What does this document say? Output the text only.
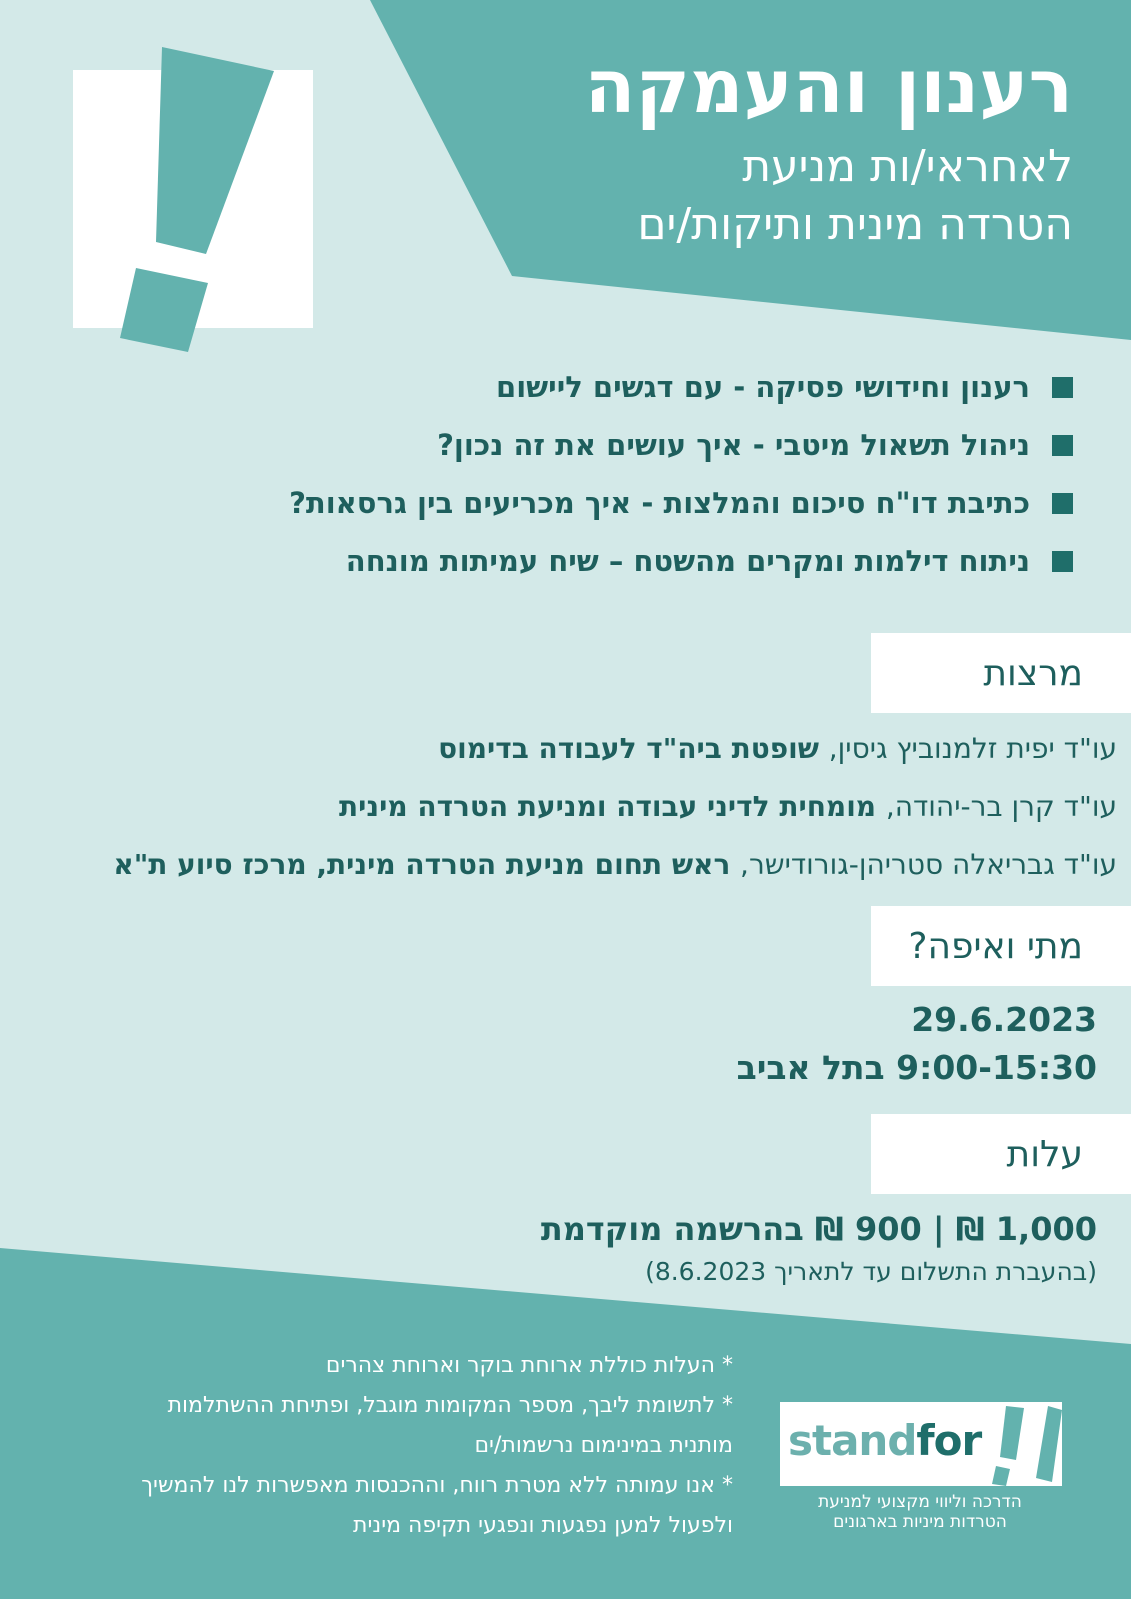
רענון והעמקה
לאחראי/ות מניעת
הטרדה מינית ותיקות/ים
רענון וחידושי פסיקה - עם דגשים ליישום
ניהול תשאול מיטבי - איך עושים את זה נכון?
כתיבת דו"ח סיכום והמלצות - איך מכריעים בין גרסאות?
ניתוח דילמות ומקרים מהשטח – שיח עמיתות מונחה
מרצות
עו"ד יפית זלמנוביץ גיסין, שופטת ביה"ד לעבודה בדימוס
עו"ד קרן בר-יהודה, מומחית לדיני עבודה ומניעת הטרדה מינית
עו"ד גבריאלה סטריהן-גורודישר, ראש תחום מניעת הטרדה מינית, מרכז סיוע ת"א
מתי ואיפה?
29.6.2023
9:00-15:30 בתל אביב
עלות
1,000 ₪ | 900 ₪ בהרשמה מוקדמת
(בהעברת התשלום עד לתאריך 8.6.2023)
* העלות כוללת ארוחת בוקר וארוחת צהרים
* לתשומת ליבך, מספר המקומות מוגבל, ופתיחת ההשתלמות
מותנית במינימום נרשמות/ים
* אנו עמותה ללא מטרת רווח, וההכנסות מאפשרות לנו להמשיך
ולפעול למען נפגעות ונפגעי תקיפה מינית
standfor
הדרכה וליווי מקצועי למניעת
הטרדות מיניות בארגונים
